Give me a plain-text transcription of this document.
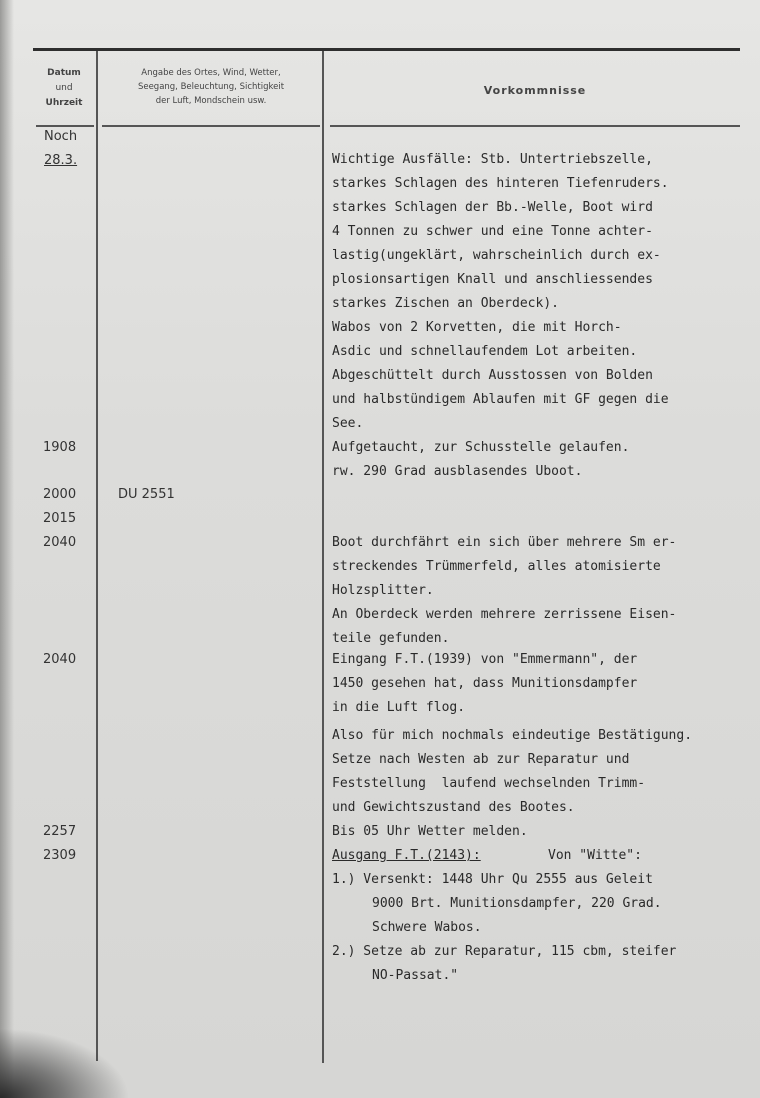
Datum
und
Uhrzeit
Angabe des Ortes, Wind, Wetter,
Seegang, Beleuchtung, Sichtigkeit
der Luft, Mondschein usw.
Vorkommnisse
Noch
28.3.
1908
2000
2015
2040
2040
2257
2309
DU 2551
Wichtige Ausfälle: Stb. Untertriebszelle,
starkes Schlagen des hinteren Tiefenruders.
starkes Schlagen der Bb.-Welle, Boot wird
4 Tonnen zu schwer und eine Tonne achter-
lastig(ungeklärt, wahrscheinlich durch ex-
plosionsartigen Knall und anschliessendes
starkes Zischen an Oberdeck).
Wabos von 2 Korvetten, die mit Horch-
Asdic und schnellaufendem Lot arbeiten.
Abgeschüttelt durch Ausstossen von Bolden
und halbstündigem Ablaufen mit GF gegen die
See.
Aufgetaucht, zur Schusstelle gelaufen.
rw. 290 Grad ausblasendes Uboot.
Boot durchfährt ein sich über mehrere Sm er-
streckendes Trümmerfeld, alles atomisierte
Holzsplitter.
An Oberdeck werden mehrere zerrissene Eisen-
teile gefunden.
Eingang F.T.(1939) von "Emmermann", der
1450 gesehen hat, dass Munitionsdampfer
in die Luft flog.
Also für mich nochmals eindeutige Bestätigung.
Setze nach Westen ab zur Reparatur und
Feststellung  laufend wechselnden Trimm-
und Gewichtszustand des Bootes.
Bis 05 Uhr Wetter melden.
Ausgang F.T.(2143):	Von "Witte":
1.) Versenkt: 1448 Uhr Qu 2555 aus Geleit
9000 Brt. Munitionsdampfer, 220 Grad.
Schwere Wabos.
2.) Setze ab zur Reparatur, 115 cbm, steifer
NO-Passat."
